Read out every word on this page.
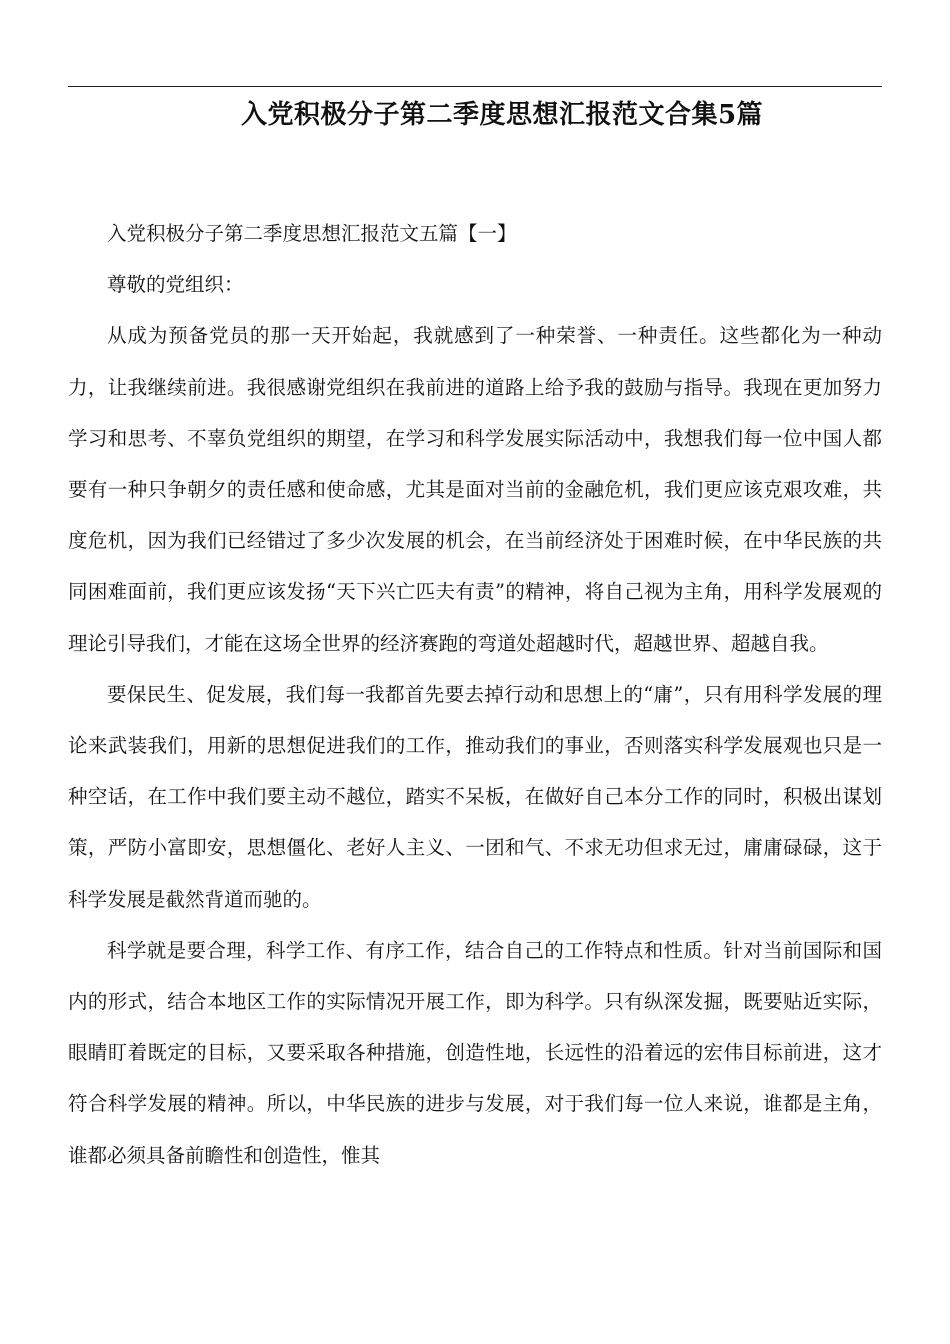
入党积极分子第二季度思想汇报范文合集5篇

入党积极分子第二季度思想汇报范文五篇【一】

尊敬的党组织：

从成为预备党员的那一天开始起，我就感到了一种荣誉、一种责任。这些都化为一种动力，让我继续前进。我很感谢党组织在我前进的道路上给予我的鼓励与指导。我现在更加努力学习和思考、不辜负党组织的期望，在学习和科学发展实际活动中，我想我们每一位中国人都要有一种只争朝夕的责任感和使命感，尤其是面对当前的金融危机，我们更应该克艰攻难，共度危机，因为我们已经错过了多少次发展的机会，在当前经济处于困难时候，在中华民族的共同困难面前，我们更应该发扬“天下兴亡匹夫有责”的精神，将自己视为主角，用科学发展观的理论引导我们，才能在这场全世界的经济赛跑的弯道处超越时代，超越世界、超越自我。

要保民生、促发展，我们每一我都首先要去掉行动和思想上的“庸”，只有用科学发展的理论来武装我们，用新的思想促进我们的工作，推动我们的事业，否则落实科学发展观也只是一种空话，在工作中我们要主动不越位，踏实不呆板，在做好自己本分工作的同时，积极出谋划策，严防小富即安，思想僵化、老好人主义、一团和气、不求无功但求无过，庸庸碌碌，这于科学发展是截然背道而驰的。

科学就是要合理，科学工作、有序工作，结合自己的工作特点和性质。针对当前国际和国内的形式，结合本地区工作的实际情况开展工作，即为科学。只有纵深发掘，既要贴近实际，眼睛盯着既定的目标，又要采取各种措施，创造性地，长远性的沿着远的宏伟目标前进，这才符合科学发展的精神。所以，中华民族的进步与发展，对于我们每一位人来说，谁都是主角，谁都必须具备前瞻性和创造性，惟其
